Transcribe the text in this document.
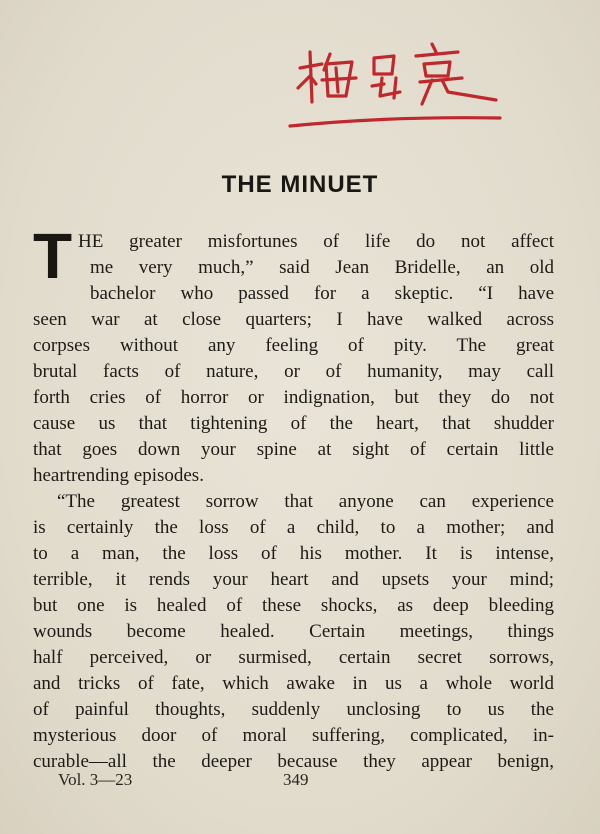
THE MINUET
T HE greater misfortunes of life do not affect
me very much,” said Jean Bridelle, an old
bachelor who passed for a skeptic. “I have
seen war at close quarters; I have walked across
corpses without any feeling of pity. The great
brutal facts of nature, or of humanity, may call
forth cries of horror or indignation, but they do not
cause us that tightening of the heart, that shudder
that goes down your spine at sight of certain little
heartrending episodes.
“The greatest sorrow that anyone can experience
is certainly the loss of a child, to a mother; and
to a man, the loss of his mother. It is intense,
terrible, it rends your heart and upsets your mind;
but one is healed of these shocks, as deep bleeding
wounds become healed. Certain meetings, things
half perceived, or surmised, certain secret sorrows,
and tricks of fate, which awake in us a whole world
of painful thoughts, suddenly unclosing to us the
mysterious door of moral suffering, complicated, in-
curable—all the deeper because they appear benign,
Vol. 3—23	349
